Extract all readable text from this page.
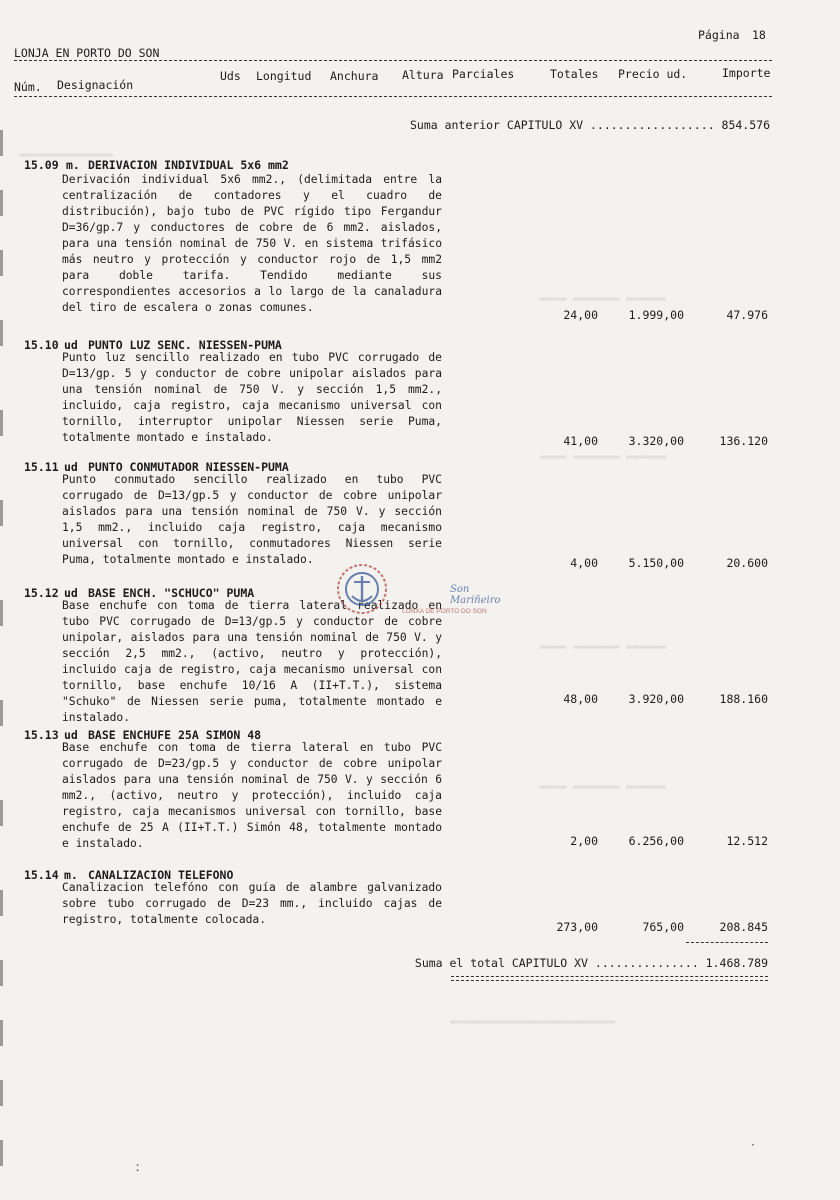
▬▬▬▬▬▬▬▬▬▬▬▬▬▬
▬▬▬▬ ▬▬▬▬▬▬▬ ▬▬▬▬▬▬
▬▬▬▬ ▬▬▬▬▬▬▬ ▬▬▬▬▬▬
▬▬▬▬ ▬▬▬▬▬▬▬ ▬▬▬▬▬▬
▬▬▬▬ ▬▬▬▬▬▬▬ ▬▬▬▬▬▬
▬▬▬▬▬▬▬▬▬▬▬▬▬▬▬▬▬▬▬▬▬▬▬▬▬
Página 18
LONJA EN PORTO DO SON
Núm. Designación
Uds Longitud Anchura Altura Parciales	Totales Precio ud.	Importe
Suma anterior CAPITULO XV .................. 854.576
15.09 m. DERIVACION INDIVIDUAL 5x6 mm2
Derivación individual 5x6 mm2., (delimitada entre la centralización de contadores y el cuadro de distribución), bajo tubo de PVC rígido tipo Fergandur D=36/gp.7 y conductores de cobre de 6 mm2. aislados, para una tensión nominal de 750 V. en sistema trifásico más neutro y protección y conductor rojo de 1,5 mm2 para doble tarifa. Tendido mediante sus correspondientes accesorios a lo largo de la canaladura del tiro de escalera o zonas comunes.
24,00	1.999,00	47.976
15.10 ud PUNTO LUZ SENC. NIESSEN-PUMA
Punto luz sencillo realizado en tubo PVC corrugado de D=13/gp. 5 y conductor de cobre unipolar aislados para una tensión nominal de 750 V. y sección 1,5 mm2., incluido, caja registro, caja mecanismo universal con tornillo, interruptor unipolar Niessen serie Puma, totalmente montado e instalado.	41,00	3.320,00	136.120
15.11 ud PUNTO CONMUTADOR NIESSEN-PUMA
Punto conmutado sencillo realizado en tubo PVC corrugado de D=13/gp.5 y conductor de cobre unipolar aislados para una tensión nominal de 750 V. y sección 1,5 mm2., incluido caja registro, caja mecanismo universal con tornillo, conmutadores Niessen serie Puma, totalmente montado e instalado.	4,00	5.150,00	20.600
15.12 ud BASE ENCH. "SCHUCO" PUMA
Base enchufe con toma de tierra lateral realizado en tubo PVC corrugado de D=13/gp.5 y conductor de cobre unipolar, aislados para una tensión nominal de 750 V. y sección 2,5 mm2., (activo, neutro y protección), incluido caja de registro, caja mecanismo universal con tornillo, base enchufe 10/16 A (II+T.T.), sistema "Schuko" de Niessen serie puma, totalmente montado e instalado.
48,00	3.920,00	188.160
15.13 ud BASE ENCHUFE 25A SIMON 48
Base enchufe con toma de tierra lateral en tubo PVC corrugado de D=23/gp.5 y conductor de cobre unipolar aislados para una tensión nominal de 750 V. y sección 6 mm2., (activo, neutro y protección), incluido caja registro, caja mecanismos universal con tornillo, base enchufe de 25 A (II+T.T.) Simón 48, totalmente montado e instalado.	2,00	6.256,00	12.512
15.14 m. CANALIZACION TELEFONO
Canalizacion telefóno con guía de alambre galvanizado sobre tubo corrugado de D=23 mm., incluido cajas de registro, totalmente colocada.
273,00	765,00	208.845
Suma el total CAPITULO XV ............... 1.468.789
Son Mariñeiro
LONXA DE PORTO DO SON
ː
·
